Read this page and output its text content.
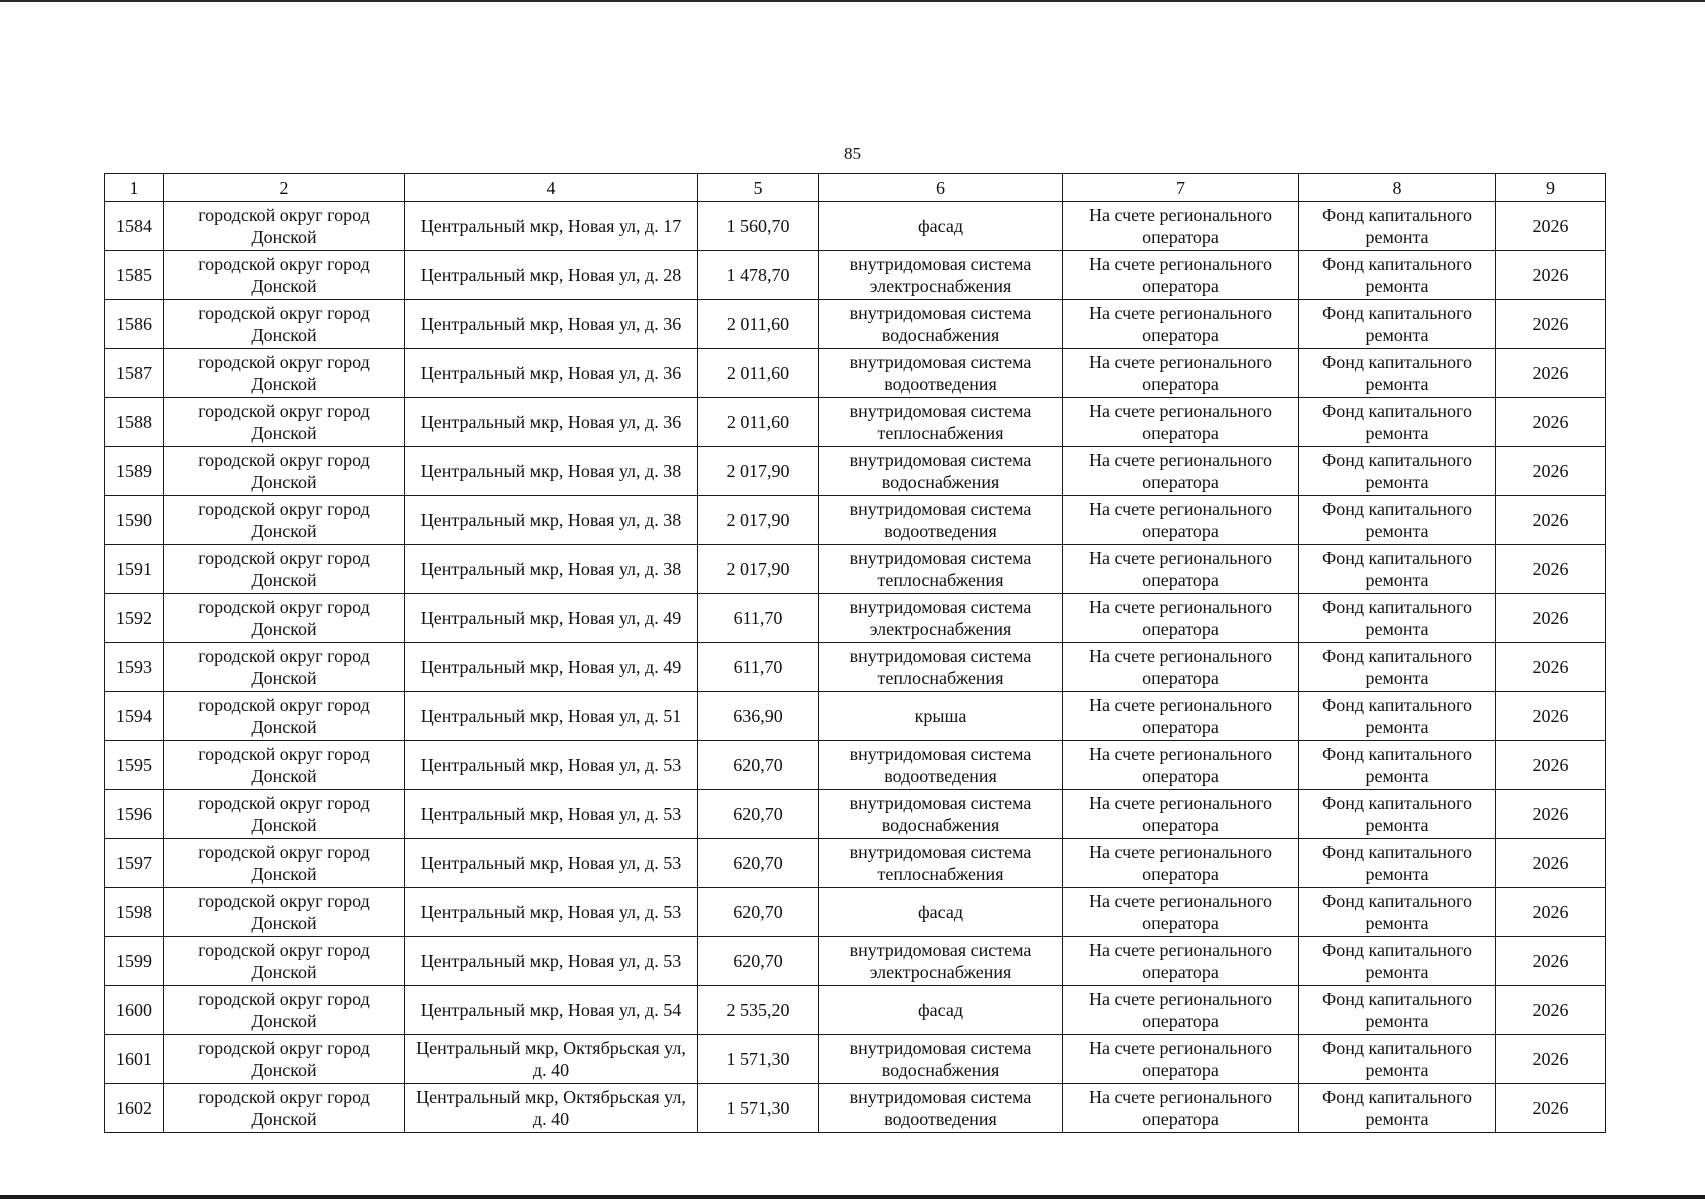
85
1	2	4	5	6	7	8	9

1584	городской округ город Донской	Центральный мкр, Новая ул, д. 17	1 560,70	фасад	На счете регионального оператора	Фонд капитального ремонта	2026

1585	городской округ город Донской	Центральный мкр, Новая ул, д. 28	1 478,70	внутридомовая система электроснабжения	На счете регионального оператора	Фонд капитального ремонта	2026

1586	городской округ город Донской	Центральный мкр, Новая ул, д. 36	2 011,60	внутридомовая система водоснабжения	На счете регионального оператора	Фонд капитального ремонта	2026

1587	городской округ город Донской	Центральный мкр, Новая ул, д. 36	2 011,60	внутридомовая система водоотведения	На счете регионального оператора	Фонд капитального ремонта	2026

1588	городской округ город Донской	Центральный мкр, Новая ул, д. 36	2 011,60	внутридомовая система теплоснабжения	На счете регионального оператора	Фонд капитального ремонта	2026

1589	городской округ город Донской	Центральный мкр, Новая ул, д. 38	2 017,90	внутридомовая система водоснабжения	На счете регионального оператора	Фонд капитального ремонта	2026

1590	городской округ город Донской	Центральный мкр, Новая ул, д. 38	2 017,90	внутридомовая система водоотведения	На счете регионального оператора	Фонд капитального ремонта	2026

1591	городской округ город Донской	Центральный мкр, Новая ул, д. 38	2 017,90	внутридомовая система теплоснабжения	На счете регионального оператора	Фонд капитального ремонта	2026

1592	городской округ город Донской	Центральный мкр, Новая ул, д. 49	611,70	внутридомовая система электроснабжения	На счете регионального оператора	Фонд капитального ремонта	2026

1593	городской округ город Донской	Центральный мкр, Новая ул, д. 49	611,70	внутридомовая система теплоснабжения	На счете регионального оператора	Фонд капитального ремонта	2026

1594	городской округ город Донской	Центральный мкр, Новая ул, д. 51	636,90	крыша	На счете регионального оператора	Фонд капитального ремонта	2026

1595	городской округ город Донской	Центральный мкр, Новая ул, д. 53	620,70	внутридомовая система водоотведения	На счете регионального оператора	Фонд капитального ремонта	2026

1596	городской округ город Донской	Центральный мкр, Новая ул, д. 53	620,70	внутридомовая система водоснабжения	На счете регионального оператора	Фонд капитального ремонта	2026

1597	городской округ город Донской	Центральный мкр, Новая ул, д. 53	620,70	внутридомовая система теплоснабжения	На счете регионального оператора	Фонд капитального ремонта	2026

1598	городской округ город Донской	Центральный мкр, Новая ул, д. 53	620,70	фасад	На счете регионального оператора	Фонд капитального ремонта	2026

1599	городской округ город Донской	Центральный мкр, Новая ул, д. 53	620,70	внутридомовая система электроснабжения	На счете регионального оператора	Фонд капитального ремонта	2026

1600	городской округ город Донской	Центральный мкр, Новая ул, д. 54	2 535,20	фасад	На счете регионального оператора	Фонд капитального ремонта	2026

1601	городской округ город Донской	Центральный мкр, Октябрьская ул, д. 40	1 571,30	внутридомовая система водоснабжения	На счете регионального оператора	Фонд капитального ремонта	2026

1602	городской округ город Донской	Центральный мкр, Октябрьская ул, д. 40	1 571,30	внутридомовая система водоотведения	На счете регионального оператора	Фонд капитального ремонта	2026
